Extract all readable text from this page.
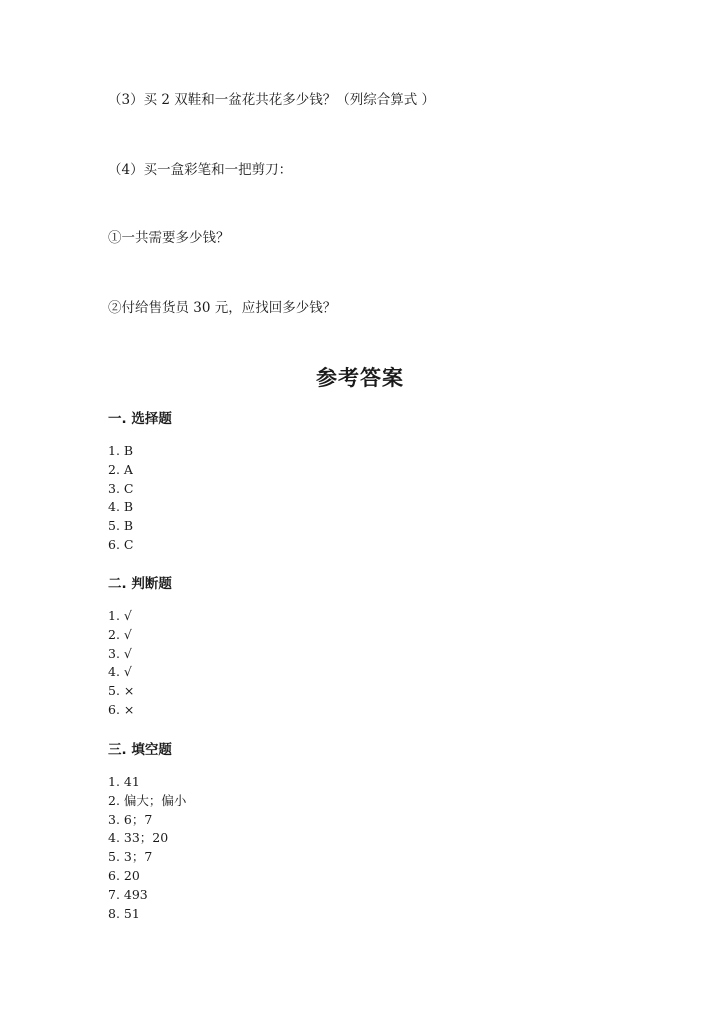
（3）买 2 双鞋和一盆花共花多少钱？（列综合算式 ）
（4）买一盒彩笔和一把剪刀：
①一共需要多少钱？
②付给售货员 30 元，应找回多少钱？
参考答案
一. 选择题
1. B
2. A
3. C
4. B
5. B
6. C
二. 判断题
1. √
2. √
3. √
4. √
5. ×
6. ×
三. 填空题
1. 41
2. 偏大；偏小
3. 6；7
4. 33；20
5. 3；7
6. 20
7. 493
8. 51
